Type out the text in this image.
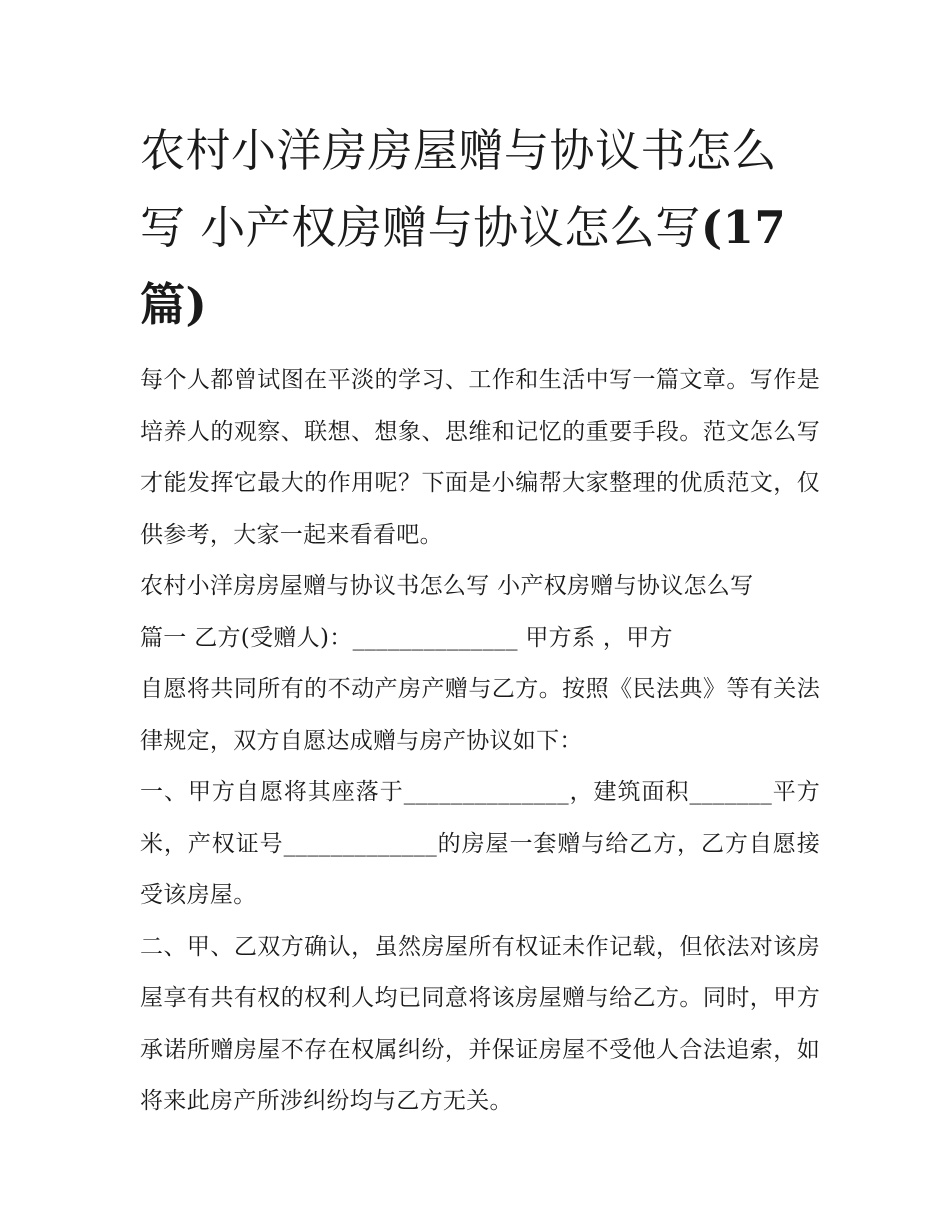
农村小洋房房屋赠与协议书怎么写 小产权房赠与协议怎么写(17篇)

每个人都曾试图在平淡的学习、工作和生活中写一篇文章。写作是培养人的观察、联想、想象、思维和记忆的重要手段。范文怎么写才能发挥它最大的作用呢？下面是小编帮大家整理的优质范文，仅供参考，大家一起来看看吧。

农村小洋房房屋赠与协议书怎么写 小产权房赠与协议怎么写

篇一 乙方(受赠人)：______________ 甲方系 ，甲方

自愿将共同所有的不动产房产赠与乙方。按照《民法典》等有关法律规定，双方自愿达成赠与房产协议如下：

一、甲方自愿将其座落于______________，建筑面积_______平方米，产权证号_____________的房屋一套赠与给乙方，乙方自愿接受该房屋。

二、甲、乙双方确认，虽然房屋所有权证未作记载，但依法对该房屋享有共有权的权利人均已同意将该房屋赠与给乙方。同时，甲方承诺所赠房屋不存在权属纠纷，并保证房屋不受他人合法追索，如将来此房产所涉纠纷均与乙方无关。
